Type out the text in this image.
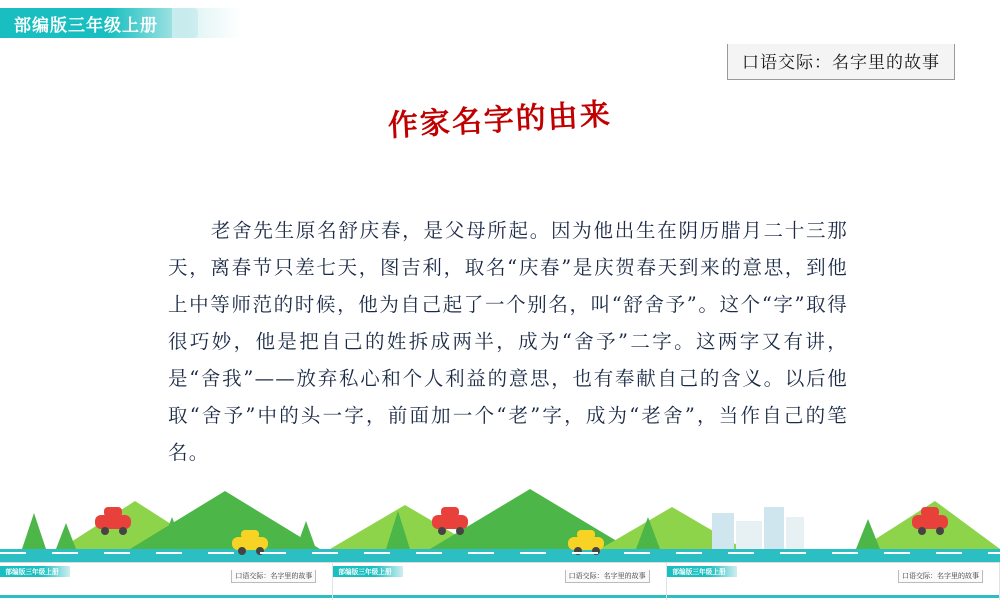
部编版三年级上册
口语交际：名字里的故事
作家名字的由来
老舍先生原名舒庆春，是父母所起。因为他出生在阴历腊月二十三那天，离春节只差七天，图吉利，取名“庆春”是庆贺春天到来的意思，到他上中等师范的时候，他为自己起了一个别名，叫“舒舍予”。这个“字”取得很巧妙，他是把自己的姓拆成两半，成为“舍予”二字。这两字又有讲，是“舍我”——放弃私心和个人利益的意思，也有奉献自己的含义。以后他取“舍予”中的头一字，前面加一个“老”字，成为“老舍”，当作自己的笔名。
部编版三年级上册
口语交际：名字里的故事
部编版三年级上册
口语交际：名字里的故事
部编版三年级上册
口语交际：名字里的故事
